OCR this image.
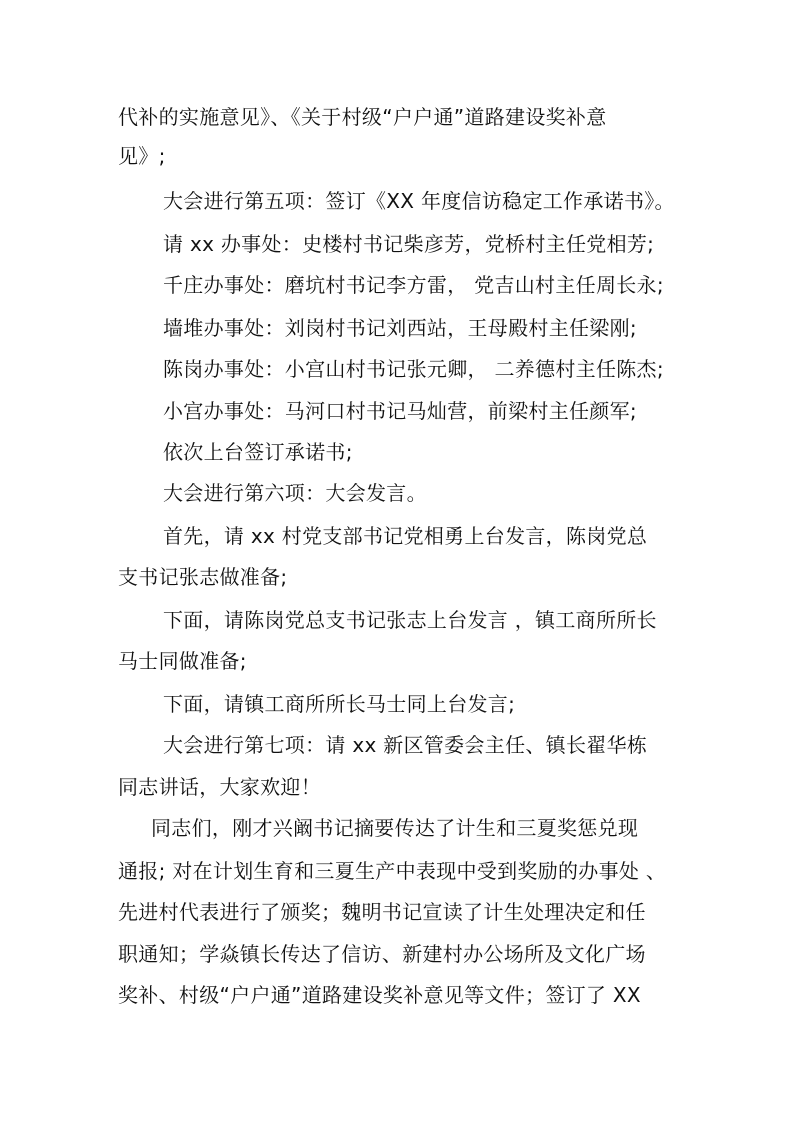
代补的实施意见》、《关于村级“户户通”道路建设奖补意
见》;
大会进行第五项：签订《XX 年度信访稳定工作承诺书》。
请 xx 办事处：史楼村书记柴彦芳，党桥村主任党相芳;
千庄办事处：磨坑村书记李方雷， 党吉山村主任周长永;
墙堆办事处：刘岗村书记刘西站，王母殿村主任梁刚;
陈岗办事处：小宫山村书记张元卿， 二养德村主任陈杰;
小宫办事处：马河口村书记马灿营，前梁村主任颜军;
依次上台签订承诺书;
大会进行第六项：大会发言。
首先，请 xx 村党支部书记党相勇上台发言，陈岗党总
支书记张志做准备;
下面，请陈岗党总支书记张志上台发言 ，镇工商所所长
马士同做准备;
下面，请镇工商所所长马士同上台发言;
大会进行第七项：请 xx 新区管委会主任、镇长翟华栋
同志讲话，大家欢迎！
同志们，刚才兴阚书记摘要传达了计生和三夏奖惩兑现
通报; 对在计划生育和三夏生产中表现中受到奖励的办事处 、
先进村代表进行了颁奖；魏明书记宣读了计生处理决定和任
职通知；学焱镇长传达了信访、新建村办公场所及文化广场
奖补、村级“户户通”道路建设奖补意见等文件；签订了 XX
